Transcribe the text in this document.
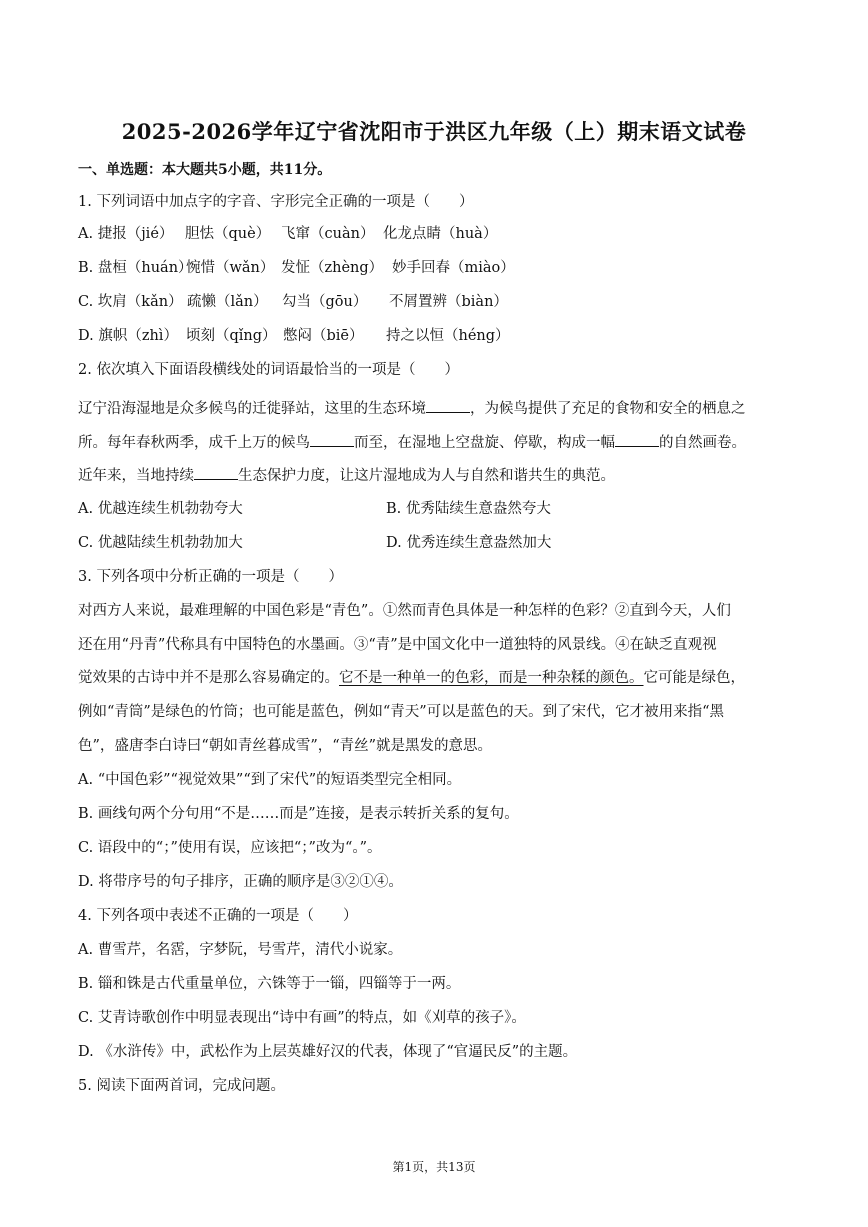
2025-2026学年辽宁省沈阳市于洪区九年级（上）期末语文试卷
一、单选题：本大题共5小题，共11分。
1. 下列词语中加点字的字音、字形完全正确的一项是（　　）
A. 捷报（jié） 胆怯（què） 飞窜（cuàn） 化龙点睛（huà）
B. 盘桓（huán）惋惜（wǎn） 发怔（zhèng） 妙手回春（miào）
C. 坎肩（kǎn） 疏懒（lǎn） 勾当（gōu） 不屑置辨（biàn）
D. 旗帜（zhì） 顷刻（qǐng） 憋闷（biē） 持之以恒（héng）
2. 依次填入下面语段横线处的词语最恰当的一项是（　　）
辽宁沿海湿地是众多候鸟的迁徙驿站，这里的生态环境	，为候鸟提供了充足的食物和安全的栖息之
所。每年春秋两季，成千上万的候鸟	而至，在湿地上空盘旋、停歇，构成一幅	的自然画卷。
近年来，当地持续	生态保护力度，让这片湿地成为人与自然和谐共生的典范。
A. 优越连续生机勃勃夸大	B. 优秀陆续生意盎然夸大
C. 优越陆续生机勃勃加大	D. 优秀连续生意盎然加大
3. 下列各项中分析正确的一项是（　　）
对西方人来说，最难理解的中国色彩是“青色”。①然而青色具体是一种怎样的色彩？②直到今天，人们
还在用“丹青”代称具有中国特色的水墨画。③“青”是中国文化中一道独特的风景线。④在缺乏直观视
觉效果的古诗中并不是那么容易确定的。它不是一种单一的色彩，而是一种杂糅的颜色。它可能是绿色，
例如“青筒”是绿色的竹筒；也可能是蓝色，例如“青天”可以是蓝色的天。到了宋代，它才被用来指“黑
色”，盛唐李白诗曰“朝如青丝暮成雪”，“青丝”就是黑发的意思。
A. “中国色彩”“视觉效果”“到了宋代”的短语类型完全相同。
B. 画线句两个分句用“不是……而是”连接，是表示转折关系的复句。
C. 语段中的“；”使用有误，应该把“；”改为“。”。
D. 将带序号的句子排序，正确的顺序是③②①④。
4. 下列各项中表述不正确的一项是（　　）
A. 曹雪芹，名霑，字梦阮，号雪芹，清代小说家。
B. 锱和铢是古代重量单位，六铢等于一锱，四锱等于一两。
C. 艾青诗歌创作中明显表现出“诗中有画”的特点，如《刈草的孩子》。
D. 《水浒传》中，武松作为上层英雄好汉的代表，体现了“官逼民反”的主题。
5. 阅读下面两首词，完成问题。
第1页，共13页
